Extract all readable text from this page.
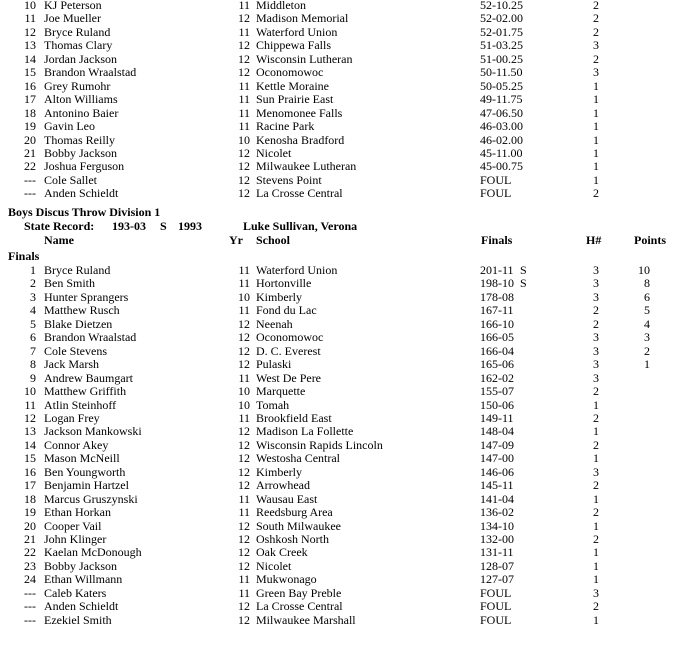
10 KJ Peterson	11 Middleton	52-10.25	2
11 Joe Mueller	12 Madison Memorial	52-02.00	2
12 Bryce Ruland	11 Waterford Union	52-01.75	2
13 Thomas Clary	12 Chippewa Falls	51-03.25	3
14 Jordan Jackson	12 Wisconsin Lutheran	51-00.25	2
15 Brandon Wraalstad	12 Oconomowoc	50-11.50	3
16 Grey Rumohr	11 Kettle Moraine	50-05.25	1
17 Alton Williams	11 Sun Prairie East	49-11.75	1
18 Antonino Baier	11 Menomonee Falls	47-06.50	1
19 Gavin Leo	11 Racine Park	46-03.00	1
20 Thomas Reilly	10 Kenosha Bradford	46-02.00	1
21 Bobby Jackson	12 Nicolet	45-11.00	1
22 Joshua Ferguson	12 Milwaukee Lutheran	45-00.75	1
--- Cole Sallet	12 Stevens Point	FOUL	1
--- Anden Schieldt	12 La Crosse Central	FOUL	2
Boys Discus Throw Division 1
State Record: 193-03 S 1993	Luke Sullivan, Verona
Name	Yr School	Finals	H#	Points
Finals
1 Bryce Ruland	11 Waterford Union	201-11 S	3	10
2 Ben Smith	11 Hortonville	198-10 S	3	8
3 Hunter Sprangers	10 Kimberly	178-08	3	6
4 Matthew Rusch	11 Fond du Lac	167-11	2	5
5 Blake Dietzen	12 Neenah	166-10	2	4
6 Brandon Wraalstad	12 Oconomowoc	166-05	3	3
7 Cole Stevens	12 D. C. Everest	166-04	3	2
8 Jack Marsh	12 Pulaski	165-06	3	1
9 Andrew Baumgart	11 West De Pere	162-02	3
10 Matthew Griffith	10 Marquette	155-07	2
11 Atlin Steinhoff	10 Tomah	150-06	1
12 Logan Frey	11 Brookfield East	149-11	2
13 Jackson Mankowski	12 Madison La Follette	148-04	1
14 Connor Akey	12 Wisconsin Rapids Lincoln	147-09	2
15 Mason McNeill	12 Westosha Central	147-00	1
16 Ben Youngworth	12 Kimberly	146-06	3
17 Benjamin Hartzel	12 Arrowhead	145-11	2
18 Marcus Gruszynski	11 Wausau East	141-04	1
19 Ethan Horkan	11 Reedsburg Area	136-02	2
20 Cooper Vail	12 South Milwaukee	134-10	1
21 John Klinger	12 Oshkosh North	132-00	2
22 Kaelan McDonough	12 Oak Creek	131-11	1
23 Bobby Jackson	12 Nicolet	128-07	1
24 Ethan Willmann	11 Mukwonago	127-07	1
--- Caleb Katers	11 Green Bay Preble	FOUL	3
--- Anden Schieldt	12 La Crosse Central	FOUL	2
--- Ezekiel Smith	12 Milwaukee Marshall	FOUL	1
